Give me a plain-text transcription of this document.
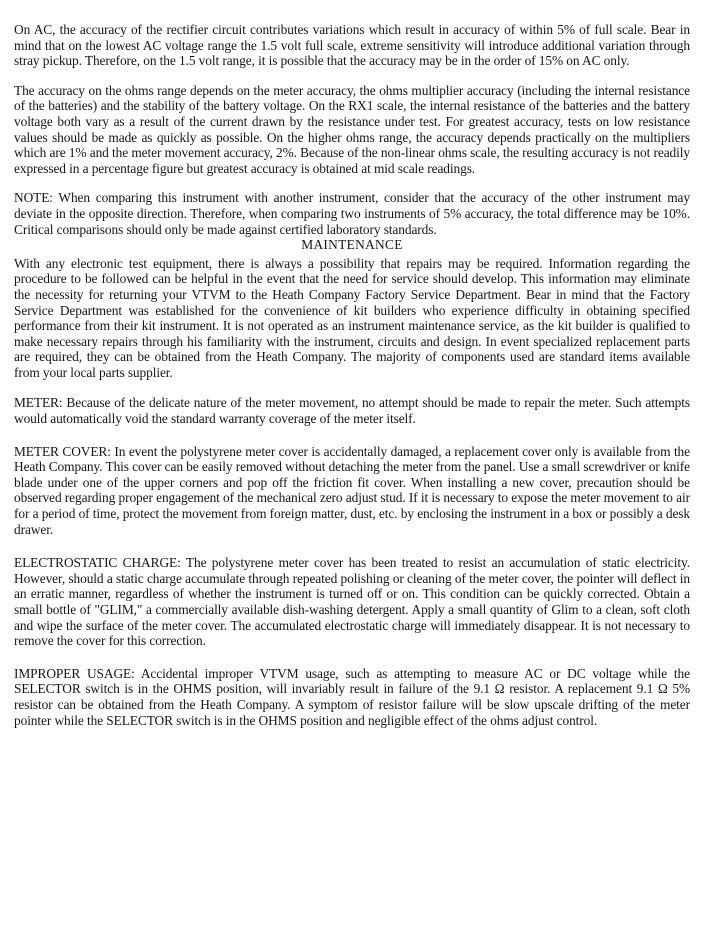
On AC, the accuracy of the rectifier circuit contributes variations which result in accuracy of within 5% of full scale. Bear in mind that on the lowest AC voltage range the 1.5 volt full scale, extreme sensitivity will introduce additional variation through stray pickup. Therefore, on the 1.5 volt range, it is possible that the accuracy may be in the order of 15% on AC only.

The accuracy on the ohms range depends on the meter accuracy, the ohms multiplier accuracy (including the internal resistance of the batteries) and the stability of the battery voltage. On the RX1 scale, the internal resistance of the batteries and the battery voltage both vary as a result of the current drawn by the resistance under test. For greatest accuracy, tests on low resistance values should be made as quickly as possible. On the higher ohms range, the accuracy depends practically on the multipliers which are 1% and the meter movement accuracy, 2%. Because of the non-linear ohms scale, the resulting accuracy is not readily expressed in a percentage figure but greatest accuracy is obtained at mid scale readings.

NOTE: When comparing this instrument with another instrument, consider that the accuracy of the other instrument may deviate in the opposite direction. Therefore, when comparing two instruments of 5% accuracy, the total difference may be 10%. Critical comparisons should only be made against certified laboratory standards.

MAINTENANCE

With any electronic test equipment, there is always a possibility that repairs may be required. Information regarding the procedure to be followed can be helpful in the event that the need for service should develop. This information may eliminate the necessity for returning your VTVM to the Heath Company Factory Service Department. Bear in mind that the Factory Service Department was established for the convenience of kit builders who experience difficulty in obtaining specified performance from their kit instrument. It is not operated as an instrument maintenance service, as the kit builder is qualified to make necessary repairs through his familiarity with the instrument, circuits and design. In event specialized replacement parts are required, they can be obtained from the Heath Company. The majority of components used are standard items available from your local parts supplier.

METER: Because of the delicate nature of the meter movement, no attempt should be made to repair the meter. Such attempts would automatically void the standard warranty coverage of the meter itself.

METER COVER: In event the polystyrene meter cover is accidentally damaged, a replacement cover only is available from the Heath Company. This cover can be easily removed without detaching the meter from the panel. Use a small screwdriver or knife blade under one of the upper corners and pop off the friction fit cover. When installing a new cover, precaution should be observed regarding proper engagement of the mechanical zero adjust stud. If it is necessary to expose the meter movement to air for a period of time, protect the movement from foreign matter, dust, etc. by enclosing the instrument in a box or possibly a desk drawer.

ELECTROSTATIC CHARGE: The polystyrene meter cover has been treated to resist an accumulation of static electricity. However, should a static charge accumulate through repeated polishing or cleaning of the meter cover, the pointer will deflect in an erratic manner, regardless of whether the instrument is turned off or on. This condition can be quickly corrected. Obtain a small bottle of "GLIM," a commercially available dish-washing detergent. Apply a small quantity of Glim to a clean, soft cloth and wipe the surface of the meter cover. The accumulated electrostatic charge will immediately disappear. It is not necessary to remove the cover for this correction.

IMPROPER USAGE: Accidental improper VTVM usage, such as attempting to measure AC or DC voltage while the SELECTOR switch is in the OHMS position, will invariably result in failure of the 9.1 Ω resistor. A replacement 9.1 Ω 5% resistor can be obtained from the Heath Company. A symptom of resistor failure will be slow upscale drifting of the meter pointer while the SELECTOR switch is in the OHMS position and negligible effect of the ohms adjust control.
